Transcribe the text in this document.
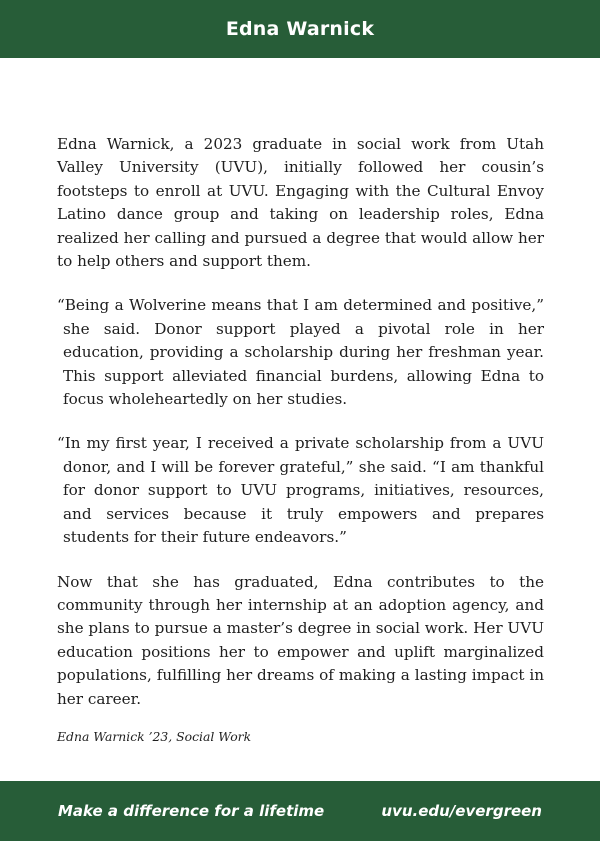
Edna Warnick

Edna Warnick, a 2023 graduate in social work from Utah Valley University (UVU), initially followed her cousin’s footsteps to enroll at UVU. Engaging with the Cultural Envoy Latino dance group and taking on leadership roles, Edna realized her calling and pursued a degree that would allow her to help others and support them.

“Being a Wolverine means that I am determined and positive,” she said. Donor support played a pivotal role in her education, providing a scholarship during her freshman year. This support alleviated financial burdens, allowing Edna to focus wholeheartedly on her studies.

“In my first year, I received a private scholarship from a UVU donor, and I will be forever grateful,” she said. “I am thankful for donor support to UVU programs, initiatives, resources, and services because it truly empowers and prepares students for their future endeavors.”

Now that she has graduated, Edna contributes to the community through her internship at an adoption agency, and she plans to pursue a master’s degree in social work. Her UVU education positions her to empower and uplift marginalized populations, fulfilling her dreams of making a lasting impact in her career.

Edna Warnick ’23, Social Work

Make a difference for a lifetime	uvu.edu/evergreen
